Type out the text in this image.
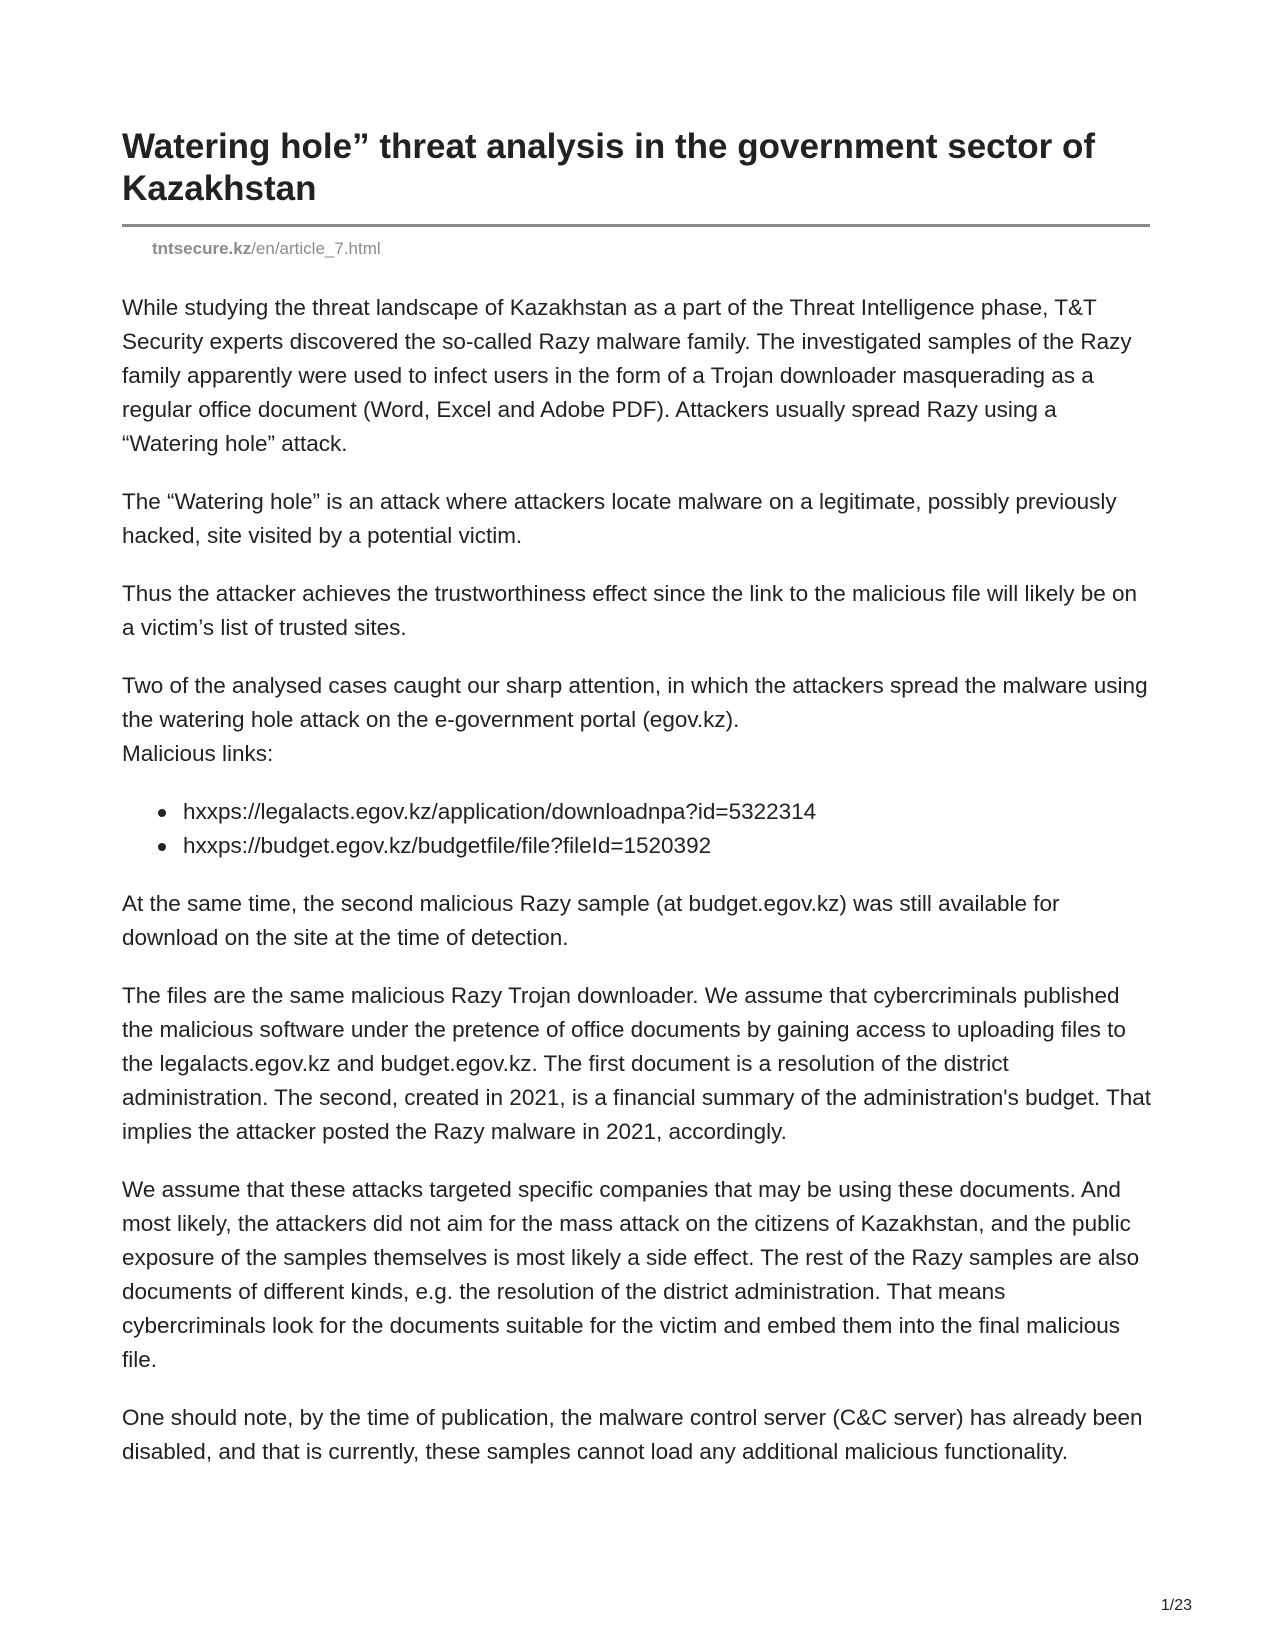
Watering hole” threat analysis in the government sector of Kazakhstan
tntsecure.kz/en/article_7.html

While studying the threat landscape of Kazakhstan as a part of the Threat Intelligence phase, T&T Security experts discovered the so-called Razy malware family. The investigated samples of the Razy family apparently were used to infect users in the form of a Trojan downloader masquerading as a regular office document (Word, Excel and Adobe PDF). Attackers usually spread Razy using a “Watering hole” attack.

The “Watering hole” is an attack where attackers locate malware on a legitimate, possibly previously hacked, site visited by a potential victim.

Thus the attacker achieves the trustworthiness effect since the link to the malicious file will likely be on a victim’s list of trusted sites.

Two of the analysed cases caught our sharp attention, in which the attackers spread the malware using the watering hole attack on the e-government portal (egov.kz).

Malicious links:

hxxps://legalacts.egov.kz/application/downloadnpa?id=5322314
hxxps://budget.egov.kz/budgetfile/file?fileId=1520392

At the same time, the second malicious Razy sample (at budget.egov.kz) was still available for download on the site at the time of detection.

The files are the same malicious Razy Trojan downloader. We assume that cybercriminals published the malicious software under the pretence of office documents by gaining access to uploading files to the legalacts.egov.kz and budget.egov.kz. The first document is a resolution of the district administration. The second, created in 2021, is a financial summary of the administration's budget. That implies the attacker posted the Razy malware in 2021, accordingly.

We assume that these attacks targeted specific companies that may be using these documents. And most likely, the attackers did not aim for the mass attack on the citizens of Kazakhstan, and the public exposure of the samples themselves is most likely a side effect. The rest of the Razy samples are also documents of different kinds, e.g. the resolution of the district administration. That means cybercriminals look for the documents suitable for the victim and embed them into the final malicious file.

One should note, by the time of publication, the malware control server (C&C server) has already been disabled, and that is currently, these samples cannot load any additional malicious functionality.

1/23
